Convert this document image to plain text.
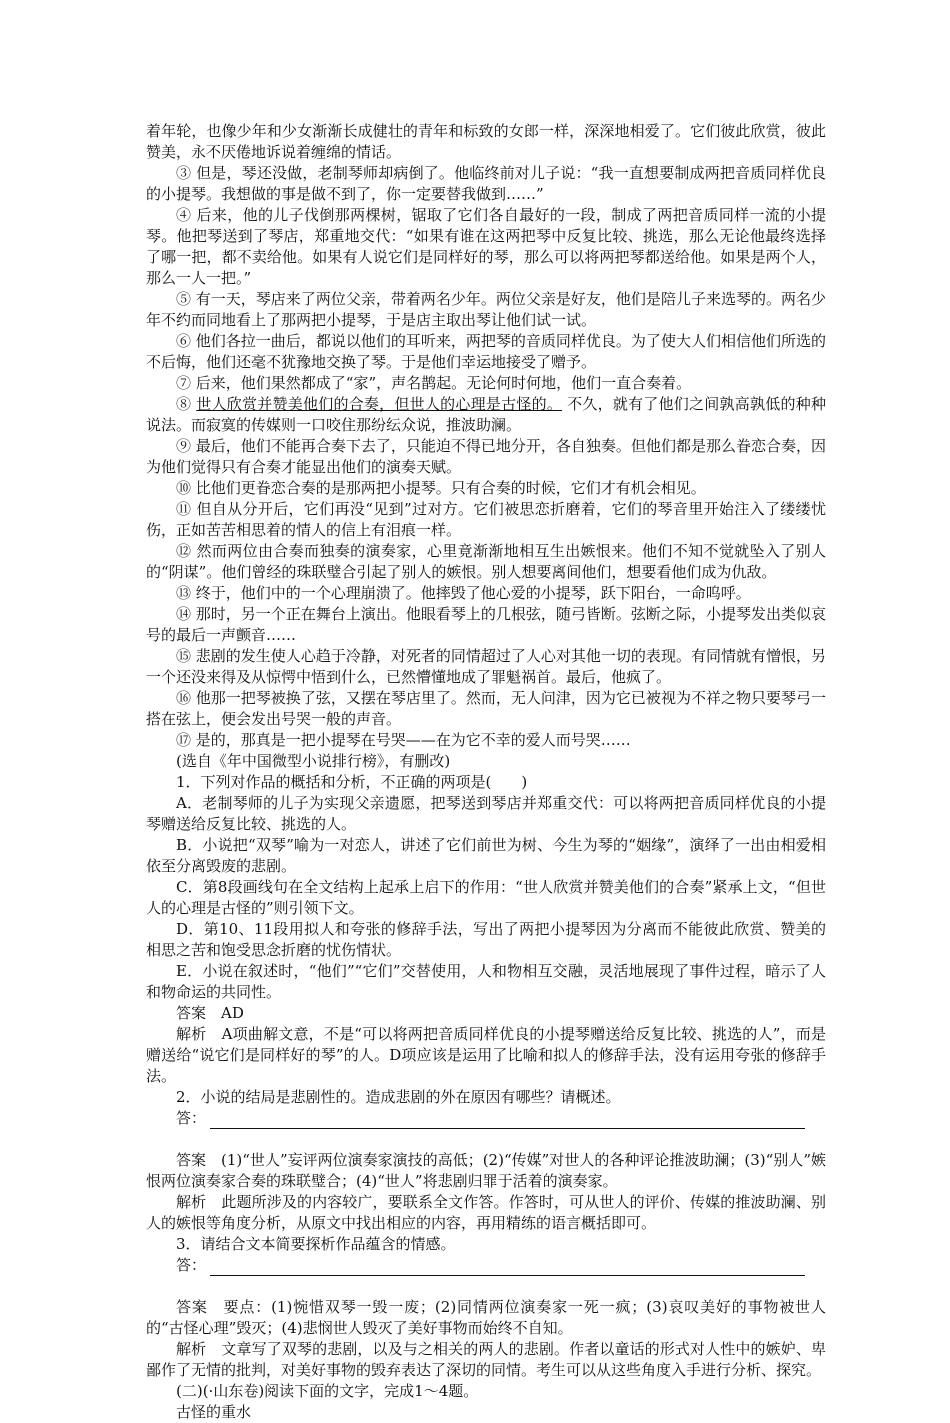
着年轮，也像少年和少女渐渐长成健壮的青年和标致的女郎一样，深深地相爱了。它们彼此欣赏，彼此赞美，永不厌倦地诉说着缠绵的情话。

③ 但是，琴还没做，老制琴师却病倒了。他临终前对儿子说：“我一直想要制成两把音质同样优良的小提琴。我想做的事是做不到了，你一定要替我做到……”

④ 后来，他的儿子伐倒那两棵树，锯取了它们各自最好的一段，制成了两把音质同样一流的小提琴。他把琴送到了琴店，郑重地交代：“如果有谁在这两把琴中反复比较、挑选，那么无论他最终选择了哪一把，都不卖给他。如果有人说它们是同样好的琴，那么可以将两把琴都送给他。如果是两个人，那么一人一把。”

⑤ 有一天，琴店来了两位父亲，带着两名少年。两位父亲是好友，他们是陪儿子来选琴的。两名少年不约而同地看上了那两把小提琴，于是店主取出琴让他们试一试。

⑥ 他们各拉一曲后，都说以他们的耳听来，两把琴的音质同样优良。为了使大人们相信他们所选的不后悔，他们还毫不犹豫地交换了琴。于是他们幸运地接受了赠予。

⑦ 后来，他们果然都成了“家”，声名鹊起。无论何时何地，他们一直合奏着。

⑧ 世人欣赏并赞美他们的合奏，但世人的心理是古怪的。 不久，就有了他们之间孰高孰低的种种说法。而寂寞的传媒则一口咬住那纷纭众说，推波助澜。

⑨ 最后，他们不能再合奏下去了，只能迫不得已地分开，各自独奏。但他们都是那么眷恋合奏，因为他们觉得只有合奏才能显出他们的演奏天赋。

⑩ 比他们更眷恋合奏的是那两把小提琴。只有合奏的时候，它们才有机会相见。

⑪ 但自从分开后，它们再没“见到”过对方。它们被思恋折磨着，它们的琴音里开始注入了缕缕忧伤，正如苦苦相思着的情人的信上有泪痕一样。

⑫ 然而两位由合奏而独奏的演奏家，心里竟渐渐地相互生出嫉恨来。他们不知不觉就坠入了别人的“阴谋”。他们曾经的珠联璧合引起了别人的嫉恨。别人想要离间他们，想要看他们成为仇敌。

⑬ 终于，他们中的一个心理崩溃了。他摔毁了他心爱的小提琴，跃下阳台，一命呜呼。

⑭ 那时，另一个正在舞台上演出。他眼看琴上的几根弦，随弓皆断。弦断之际，小提琴发出类似哀号的最后一声颤音……

⑮ 悲剧的发生使人心趋于冷静，对死者的同情超过了人心对其他一切的表现。有同情就有憎恨，另一个还没来得及从惊愕中悟到什么，已然懵懂地成了罪魁祸首。最后，他疯了。

⑯ 他那一把琴被换了弦，又摆在琴店里了。然而，无人问津，因为它已被视为不祥之物只要琴弓一搭在弦上，便会发出号哭一般的声音。

⑰ 是的，那真是一把小提琴在号哭——在为它不幸的爱人而号哭……

(选自《年中国微型小说排行榜》，有删改)

1．下列对作品的概括和分析，不正确的两项是(　　)

A．老制琴师的儿子为实现父亲遗愿，把琴送到琴店并郑重交代：可以将两把音质同样优良的小提琴赠送给反复比较、挑选的人。

B．小说把“双琴”喻为一对恋人，讲述了它们前世为树、今生为琴的“姻缘”，演绎了一出由相爱相依至分离毁废的悲剧。

C．第8段画线句在全文结构上起承上启下的作用：“世人欣赏并赞美他们的合奏”紧承上文，“但世人的心理是古怪的”则引领下文。

D．第10、11段用拟人和夸张的修辞手法，写出了两把小提琴因为分离而不能彼此欣赏、赞美的相思之苦和饱受思念折磨的忧伤情状。

E．小说在叙述时，“他们”“它们”交替使用，人和物相互交融，灵活地展现了事件过程，暗示了人和物命运的共同性。

答案　AD

解析　A项曲解文意，不是“可以将两把音质同样优良的小提琴赠送给反复比较、挑选的人”，而是赠送给“说它们是同样好的琴”的人。D项应该是运用了比喻和拟人的修辞手法，没有运用夸张的修辞手法。

2．小说的结局是悲剧性的。造成悲剧的外在原因有哪些？请概述。

答：

答案　(1)“世人”妄评两位演奏家演技的高低；(2)“传媒”对世人的各种评论推波助澜；(3)“别人”嫉恨两位演奏家合奏的珠联璧合；(4)“世人”将悲剧归罪于活着的演奏家。

解析　此题所涉及的内容较广，要联系全文作答。作答时，可从世人的评价、传媒的推波助澜、别人的嫉恨等角度分析，从原文中找出相应的内容，再用精练的语言概括即可。

3．请结合文本简要探析作品蕴含的情感。

答：

答案　要点：(1)惋惜双琴一毁一废；(2)同情两位演奏家一死一疯；(3)哀叹美好的事物被世人的“古怪心理”毁灭；(4)悲悯世人毁灭了美好事物而始终不自知。

解析　文章写了双琴的悲剧，以及与之相关的两人的悲剧。作者以童话的形式对人性中的嫉妒、卑鄙作了无情的批判，对美好事物的毁弃表达了深切的同情。考生可以从这些角度入手进行分析、探究。

(二)(·山东卷)阅读下面的文字，完成1～4题。

古怪的重水
